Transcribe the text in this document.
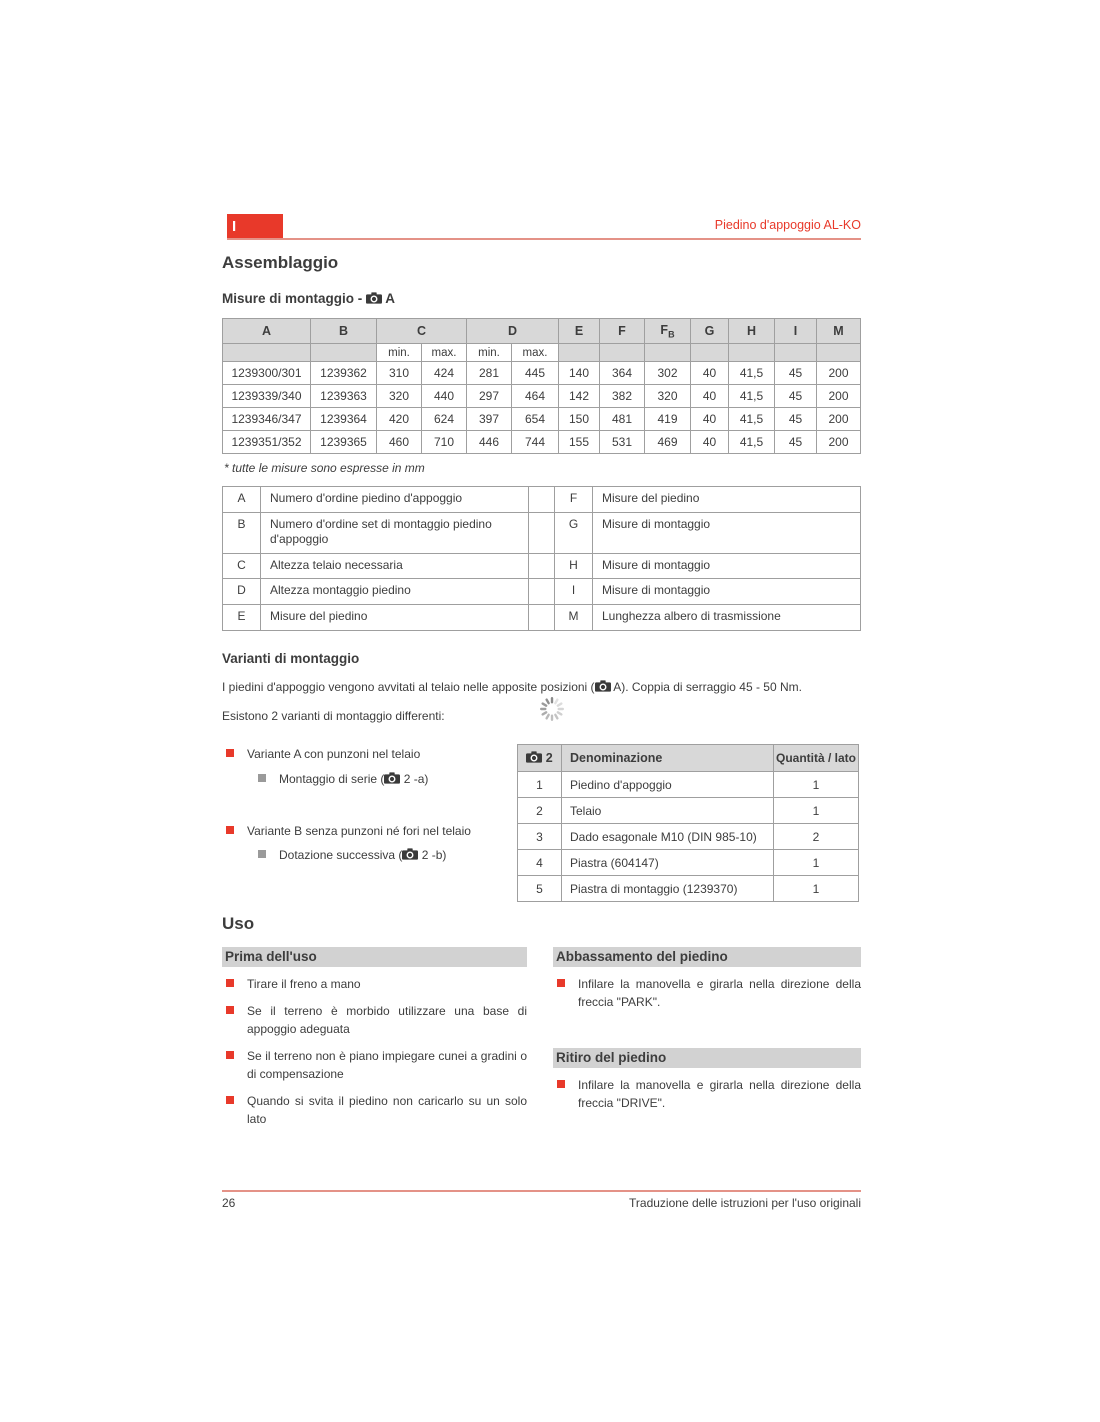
I	Piedino d'appoggio AL-KO
Assemblaggio
Misure di montaggio - A
A	B	C		D		E	F	$F_B$	G	H	I	M
		min.	max.	min.	max.							
1239300/301	1239362	310	424	281	445	140	364	302	40	41,5	45	200
1239339/340	1239363	320	440	297	464	142	382	320	40	41,5	45	200
1239346/347	1239364	420	624	397	654	150	481	419	40	41,5	45	200
1239351/352	1239365	460	710	446	744	155	531	469	40	41,5	45	200
* tutte le misure sono espresse in mm
A	Numero d'ordine piedino d'appoggio		F	Misure del piedino
B	Numero d'ordine set di montaggio piedino d'appoggio		G	Misure di montaggio
C	Altezza telaio necessaria		H	Misure di montaggio
D	Altezza montaggio piedino		I	Misure di montaggio
E	Misure del piedino		M	Lunghezza albero di trasmissione
Varianti di montaggio

I piedini d'appoggio vengono avvitati al telaio nelle apposite posizioni ( A). Coppia di serraggio 45 - 50 Nm.

Esistono 2 varianti di montaggio differenti:

Variante A con punzoni nel telaio
Montaggio di serie ( 2 -a)
Variante B senza punzoni né fori nel telaio
Dotazione successiva ( 2 -b)
2	Denominazione	Quantità / lato
1	Piedino d'appoggio	1
2	Telaio	1
3	Dado esagonale M10 (DIN 985-10)	2
4	Piastra (604147)	1
5	Piastra di montaggio (1239370)	1
Uso
Prima dell'uso
Tirare il freno a mano
Se il terreno è morbido utilizzare una base di appoggio adeguata
Se il terreno non è piano impiegare cunei a gradini o di compensazione
Quando si svita il piedino non caricarlo su un solo lato
Abbassamento del piedino
Infilare la manovella e girarla nella direzione della freccia "PARK".
Ritiro del piedino
Infilare la manovella e girarla nella direzione della freccia "DRIVE".
26	Traduzione delle istruzioni per l'uso originali
